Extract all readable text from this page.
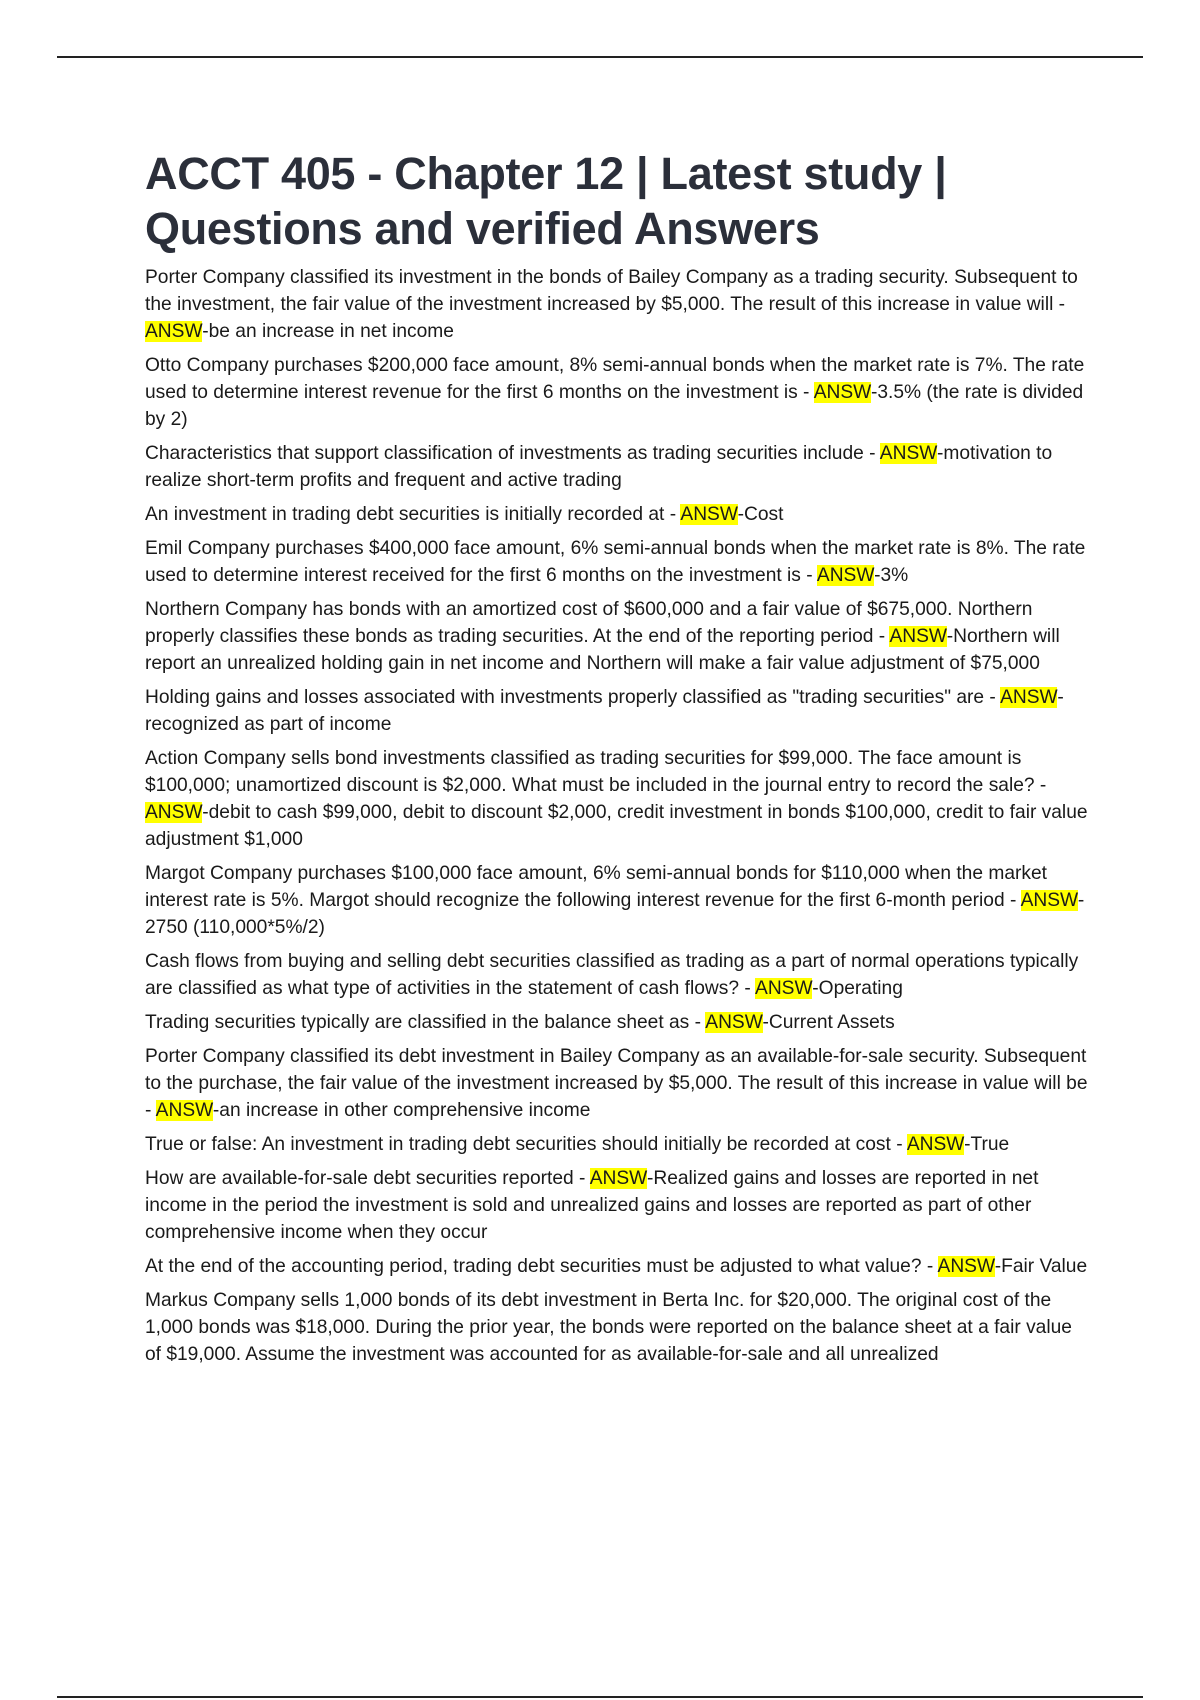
ACCT 405 - Chapter 12 | Latest study | Questions and verified Answers

Porter Company classified its investment in the bonds of Bailey Company as a trading security. Subsequent to the investment, the fair value of the investment increased by $5,000. The result of this increase in value will - ANSW-be an increase in net income

Otto Company purchases $200,000 face amount, 8% semi-annual bonds when the market rate is 7%. The rate used to determine interest revenue for the first 6 months on the investment is - ANSW-3.5% (the rate is divided by 2)

Characteristics that support classification of investments as trading securities include - ANSW-motivation to realize short-term profits and frequent and active trading

An investment in trading debt securities is initially recorded at - ANSW-Cost

Emil Company purchases $400,000 face amount, 6% semi-annual bonds when the market rate is 8%. The rate used to determine interest received for the first 6 months on the investment is - ANSW-3%

Northern Company has bonds with an amortized cost of $600,000 and a fair value of $675,000. Northern properly classifies these bonds as trading securities. At the end of the reporting period - ANSW-Northern will report an unrealized holding gain in net income and Northern will make a fair value adjustment of $75,000

Holding gains and losses associated with investments properly classified as "trading securities" are - ANSW-recognized as part of income

Action Company sells bond investments classified as trading securities for $99,000. The face amount is $100,000; unamortized discount is $2,000. What must be included in the journal entry to record the sale? - ANSW-debit to cash $99,000, debit to discount $2,000, credit investment in bonds $100,000, credit to fair value adjustment $1,000

Margot Company purchases $100,000 face amount, 6% semi-annual bonds for $110,000 when the market interest rate is 5%. Margot should recognize the following interest revenue for the first 6-month period - ANSW-2750 (110,000*5%/2)

Cash flows from buying and selling debt securities classified as trading as a part of normal operations typically are classified as what type of activities in the statement of cash flows? - ANSW-Operating

Trading securities typically are classified in the balance sheet as - ANSW-Current Assets

Porter Company classified its debt investment in Bailey Company as an available-for-sale security. Subsequent to the purchase, the fair value of the investment increased by $5,000. The result of this increase in value will be - ANSW-an increase in other comprehensive income

True or false: An investment in trading debt securities should initially be recorded at cost - ANSW-True

How are available-for-sale debt securities reported - ANSW-Realized gains and losses are reported in net income in the period the investment is sold and unrealized gains and losses are reported as part of other comprehensive income when they occur

At the end of the accounting period, trading debt securities must be adjusted to what value? - ANSW-Fair Value

Markus Company sells 1,000 bonds of its debt investment in Berta Inc. for $20,000. The original cost of the 1,000 bonds was $18,000. During the prior year, the bonds were reported on the balance sheet at a fair value of $19,000. Assume the investment was accounted for as available-for-sale and all unrealized
